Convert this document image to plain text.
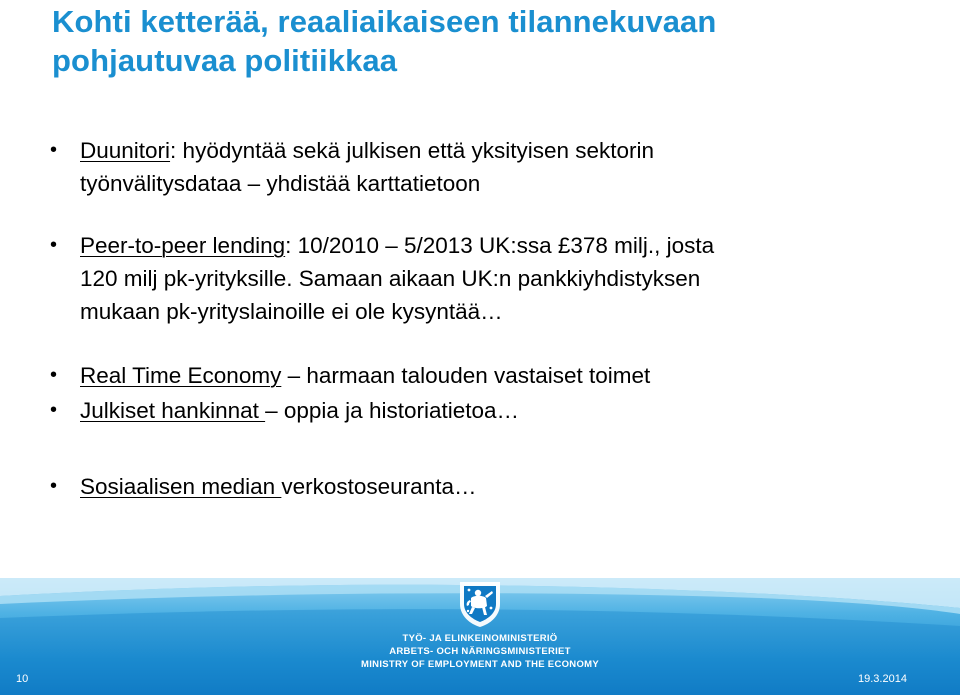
Kohti ketterää, reaaliaikaiseen tilannekuvaan
pohjautuvaa politiikkaa
•	Duunitori: hyödyntää sekä julkisen että yksityisen sektorin
työnvälitysdataa – yhdistää karttatietoon
•	Peer-to-peer lending: 10/2010 – 5/2013 UK:ssa £378 milj., josta
120 milj pk-yrityksille. Samaan aikaan UK:n pankkiyhdistyksen
mukaan pk-yrityslainoille ei ole kysyntää…
•	Real Time Economy – harmaan talouden vastaiset toimet
•	Julkiset hankinnat – oppia ja historiatietoa…
•	Sosiaalisen median verkostoseuranta…
TYÖ- JA ELINKEINOMINISTERIÖ
ARBETS- OCH NÄRINGSMINISTERIET
MINISTRY OF EMPLOYMENT AND THE ECONOMY
10	19.3.2014
